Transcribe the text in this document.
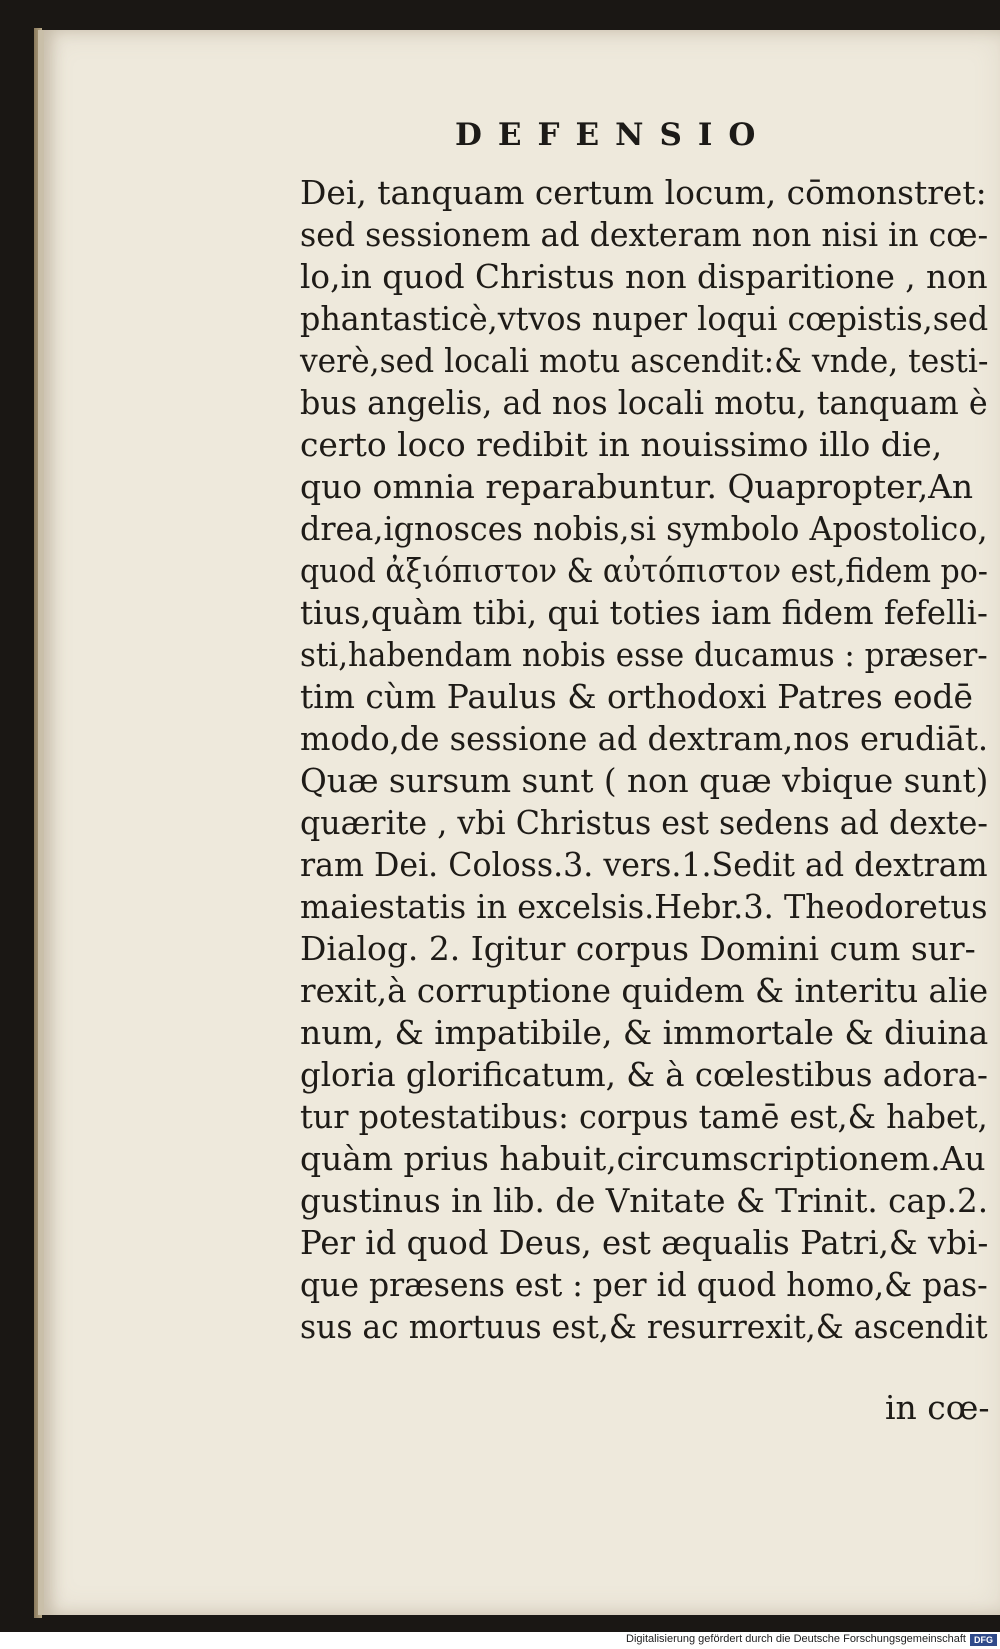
DEFENSIO
Dei, tanquam certum locum, cōmonstret:
sed sessionem ad dexteram non nisi in cœ-
lo,in quod Christus non disparitione , non
phantasticè,vtvos nuper loqui cœpistis,sed
verè,sed locali motu ascendit:& vnde, testi-
bus angelis, ad nos locali motu, tanquam è
certo loco redibit in nouissimo illo die,
quo omnia reparabuntur. Quapropter,An
drea,ignosces nobis,si symbolo Apostolico,
quod ἀξιόπιστον & αὐτόπιστον est,fidem po-
tius,quàm tibi, qui toties iam fidem fefelli-
sti,habendam nobis esse ducamus : præser-
tim cùm Paulus & orthodoxi Patres eodē
modo,de sessione ad dextram,nos erudiāt.
Quæ sursum sunt ( non quæ vbique sunt)
quærite , vbi Christus est sedens ad dexte-
ram Dei. Coloss.3. vers.1.Sedit ad dextram
maiestatis in excelsis.Hebr.3. Theodoretus
Dialog. 2. Igitur corpus Domini cum sur-
rexit,à corruptione quidem & interitu alie
num, & impatibile, & immortale & diuina
gloria glorificatum, & à cœlestibus adora-
tur potestatibus: corpus tamē est,& habet,
quàm prius habuit,circumscriptionem.Au
gustinus in lib. de Vnitate & Trinit. cap.2.
Per id quod Deus, est æqualis Patri,& vbi-
que præsens est : per id quod homo,& pas-
sus ac mortuus est,& resurrexit,& ascendit
in cœ-
Digitalisierung gefördert durch die Deutsche Forschungsgemeinschaft DFG
